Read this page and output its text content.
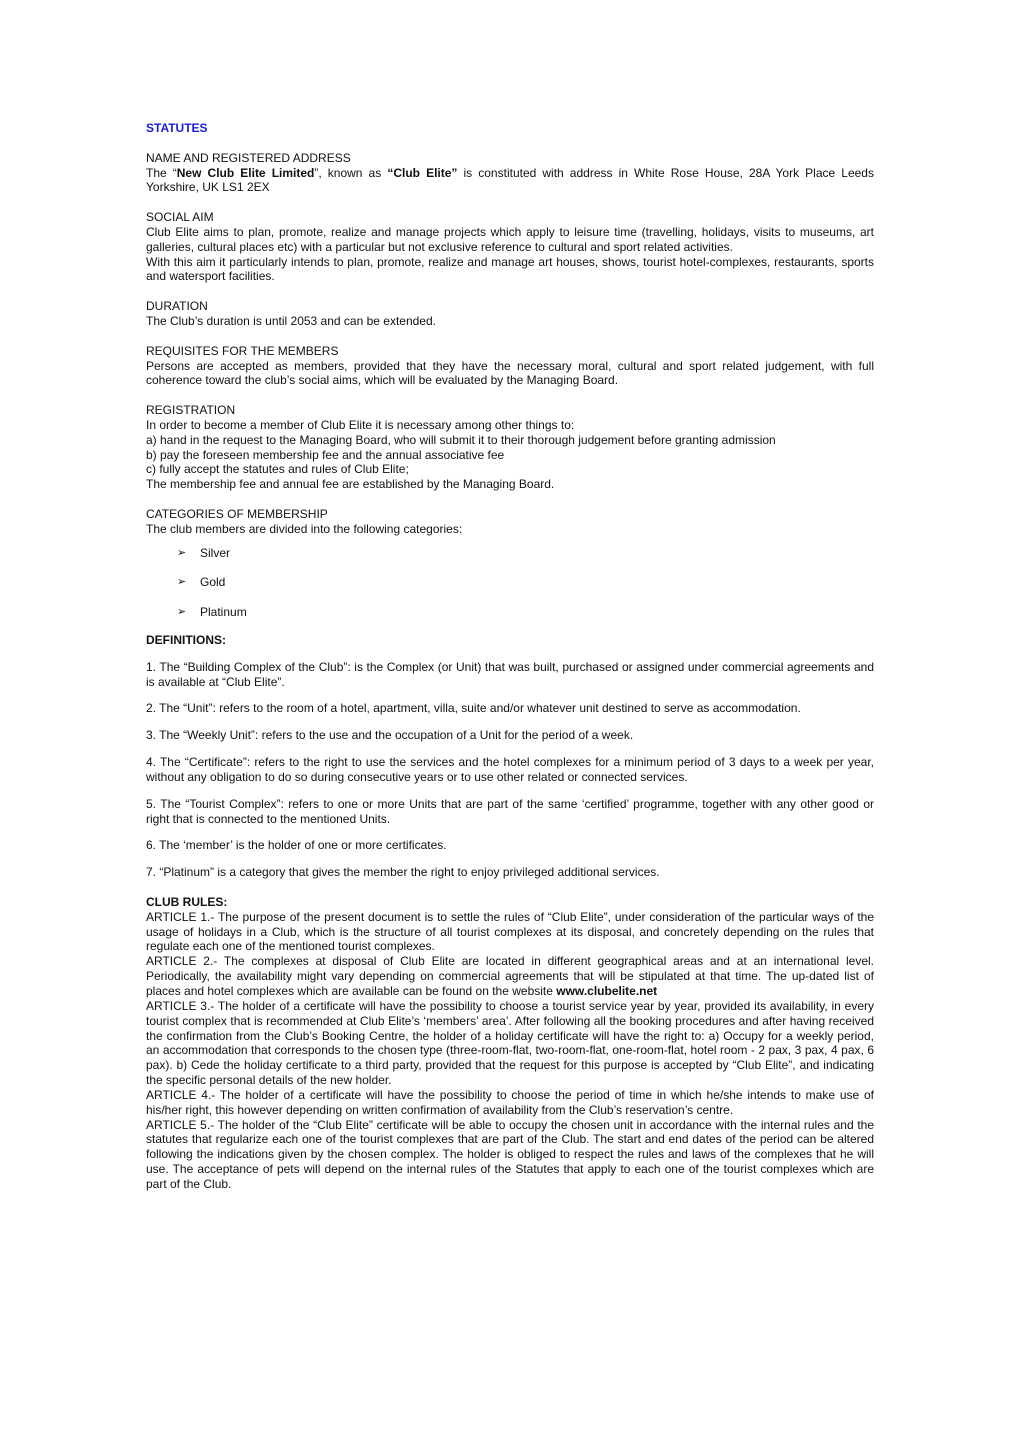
STATUTES

NAME AND REGISTERED ADDRESS
The “New Club Elite Limited”, known as “Club Elite” is constituted with address in White Rose House, 28A York Place Leeds Yorkshire, UK LS1 2EX
SOCIAL AIM

Club Elite aims to plan, promote, realize and manage projects which apply to leisure time (travelling, holidays, visits to museums, art galleries, cultural places etc) with a particular but not exclusive reference to cultural and sport related activities.

With this aim it particularly intends to plan, promote, realize and manage art houses, shows, tourist hotel-complexes, restaurants, sports and watersport facilities.

DURATION

The Club’s duration is until 2053 and can be extended.

REQUISITES FOR THE MEMBERS

Persons are accepted as members, provided that they have the necessary moral, cultural and sport related judgement, with full coherence toward the club’s social aims, which will be evaluated by the Managing Board.

REGISTRATION

In order to become a member of Club Elite it is necessary among other things to:

a) hand in the request to the Managing Board, who will submit it to their thorough judgement before granting admission

b) pay the foreseen membership fee and the annual associative fee

c) fully accept the statutes and rules of Club Elite;

The membership fee and annual fee are established by the Managing Board.

CATEGORIES OF MEMBERSHIP

The club members are divided into the following categories:

➢ Silver
➢ Gold
➢ Platinum
DEFINITIONS:

1. The “Building Complex of the Club”: is the Complex (or Unit) that was built, purchased or assigned under commercial agreements and is available at “Club Elite”.

2. The “Unit”: refers to the room of a hotel, apartment, villa, suite and/or whatever unit destined to serve as accommodation.

3. The “Weekly Unit”: refers to the use and the occupation of a Unit for the period of a week.

4. The “Certificate”: refers to the right to use the services and the hotel complexes for a minimum period of 3 days to a week per year, without any obligation to do so during consecutive years or to use other related or connected services.

5. The “Tourist Complex”: refers to one or more Units that are part of the same ‘certified’ programme, together with any other good or right that is connected to the mentioned Units.

6. The ‘member’ is the holder of one or more certificates.

7. “Platinum” is a category that gives the member the right to enjoy privileged additional services.

CLUB RULES:

ARTICLE 1.- The purpose of the present document is to settle the rules of “Club Elite”, under consideration of the particular ways of the usage of holidays in a Club, which is the structure of all tourist complexes at its disposal, and concretely depending on the rules that regulate each one of the mentioned tourist complexes.

ARTICLE 2.- The complexes at disposal of Club Elite are located in different geographical areas and at an international level. Periodically, the availability might vary depending on commercial agreements that will be stipulated at that time. The up-dated list of places and hotel complexes which are available can be found on the website www.clubelite.net

ARTICLE 3.- The holder of a certificate will have the possibility to choose a tourist service year by year, provided its availability, in every tourist complex that is recommended at Club Elite’s ‘members’ area’. After following all the booking procedures and after having received the confirmation from the Club’s Booking Centre, the holder of a holiday certificate will have the right to: a) Occupy for a weekly period, an accommodation that corresponds to the chosen type (three-room-flat, two-room-flat, one-room-flat, hotel room - 2 pax, 3 pax, 4 pax, 6 pax). b) Cede the holiday certificate to a third party, provided that the request for this purpose is accepted by “Club Elite”, and indicating the specific personal details of the new holder.

ARTICLE 4.- The holder of a certificate will have the possibility to choose the period of time in which he/she intends to make use of his/her right, this however depending on written confirmation of availability from the Club’s reservation’s centre.

ARTICLE 5.- The holder of the “Club Elite” certificate will be able to occupy the chosen unit in accordance with the internal rules and the statutes that regularize each one of the tourist complexes that are part of the Club. The start and end dates of the period can be altered following the indications given by the chosen complex. The holder is obliged to respect the rules and laws of the complexes that he will use. The acceptance of pets will depend on the internal rules of the Statutes that apply to each one of the tourist complexes which are part of the Club.
